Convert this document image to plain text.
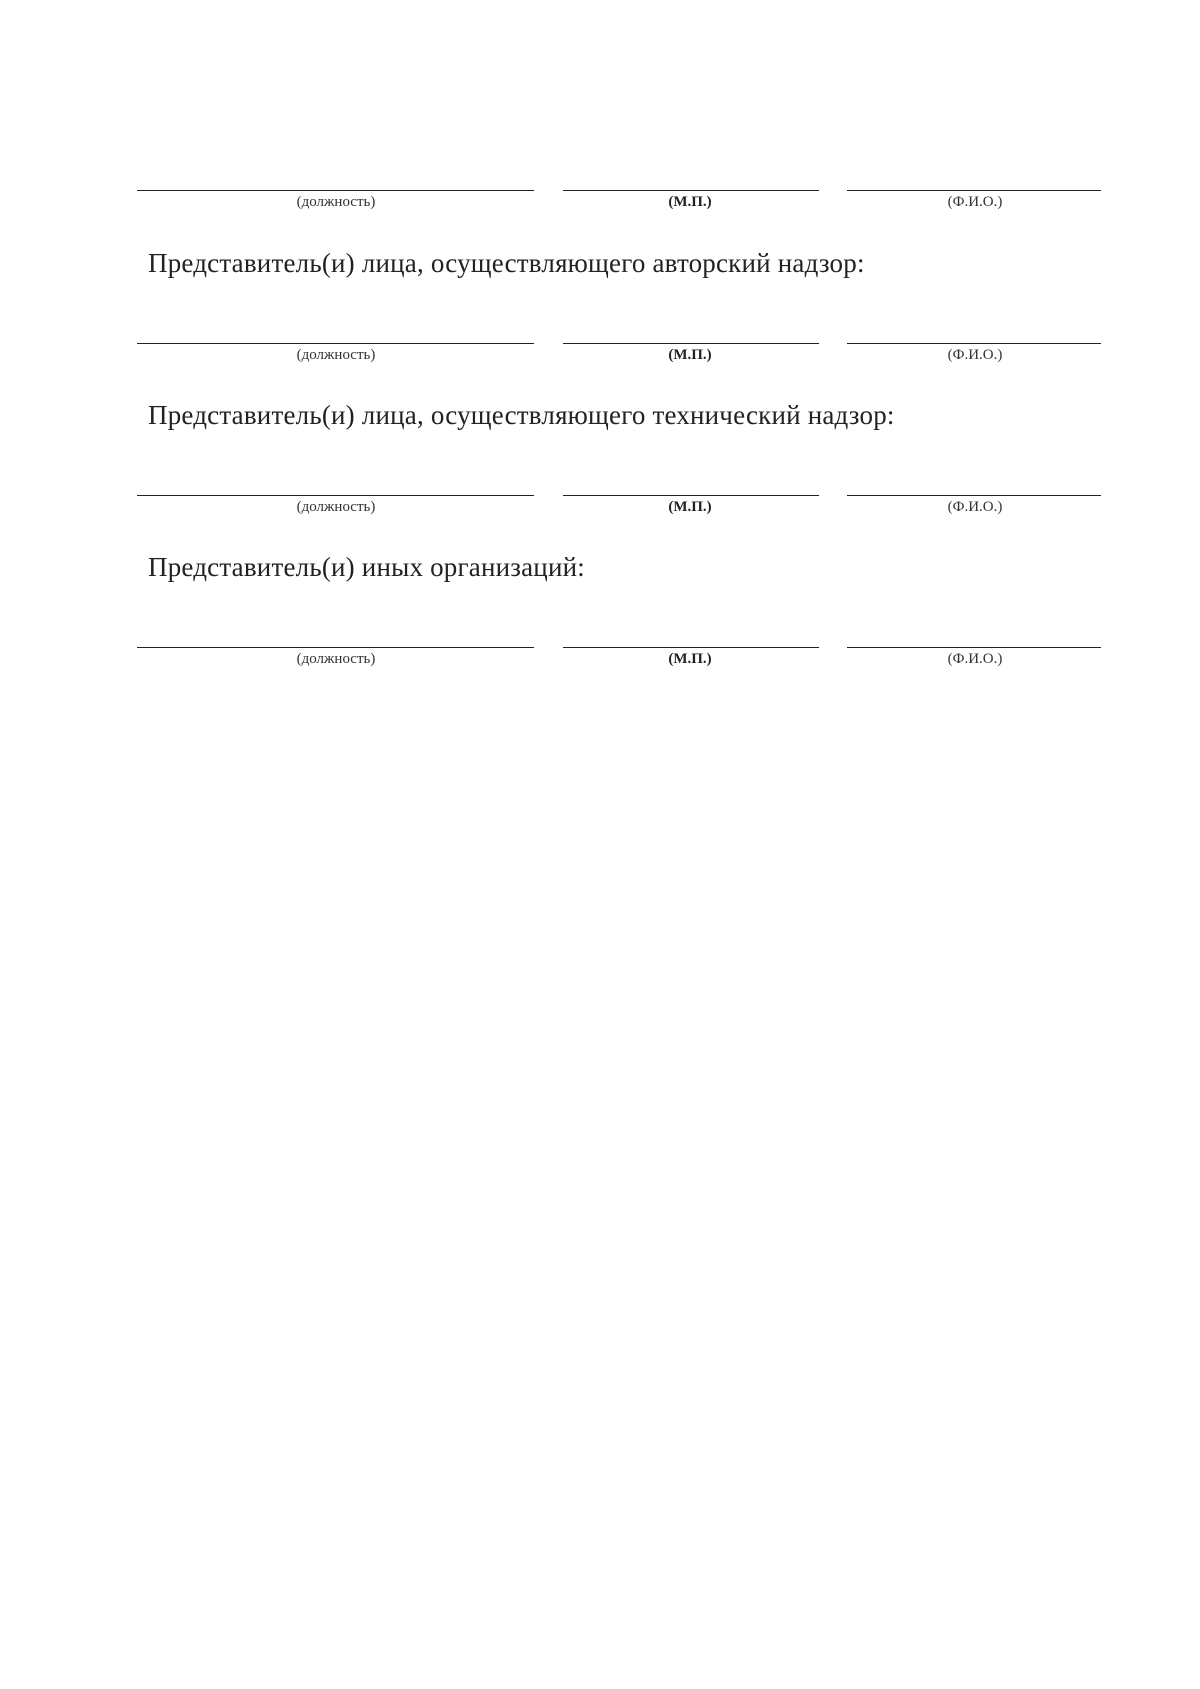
(должность)	(М.П.)	(Ф.И.О.)
Представитель(и) лица, осуществляющего авторский надзор:
(должность)	(М.П.)	(Ф.И.О.)
Представитель(и) лица, осуществляющего технический надзор:
(должность)	(М.П.)	(Ф.И.О.)
Представитель(и) иных организаций:
(должность)	(М.П.)	(Ф.И.О.)
